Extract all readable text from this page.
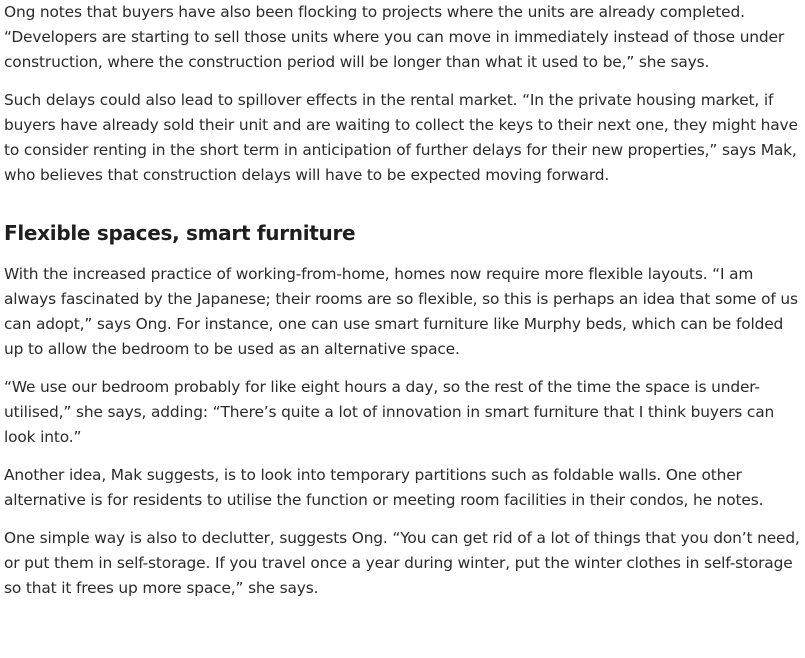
Ong notes that buyers have also been flocking to projects where the units are already completed. “Developers are starting to sell those units where you can move in immediately instead of those under construction, where the construction period will be longer than what it used to be,” she says.

Such delays could also lead to spillover effects in the rental market. “In the private housing market, if buyers have already sold their unit and are waiting to collect the keys to their next one, they might have to consider renting in the short term in anticipation of further delays for their new properties,” says Mak, who believes that construction delays will have to be expected moving forward.

Flexible spaces, smart furniture

With the increased practice of working-from-home, homes now require more flexible layouts. “I am always fascinated by the Japanese; their rooms are so flexible, so this is perhaps an idea that some of us can adopt,” says Ong. For instance, one can use smart furniture like Murphy beds, which can be folded up to allow the bedroom to be used as an alternative space.

“We use our bedroom probably for like eight hours a day, so the rest of the time the space is under-utilised,” she says, adding: “There’s quite a lot of innovation in smart furniture that I think buyers can look into.”

Another idea, Mak suggests, is to look into temporary partitions such as foldable walls. One other alternative is for residents to utilise the function or meeting room facilities in their condos, he notes.

One simple way is also to declutter, suggests Ong. “You can get rid of a lot of things that you don’t need, or put them in self-storage. If you travel once a year during winter, put the winter clothes in self-storage so that it frees up more space,” she says.
